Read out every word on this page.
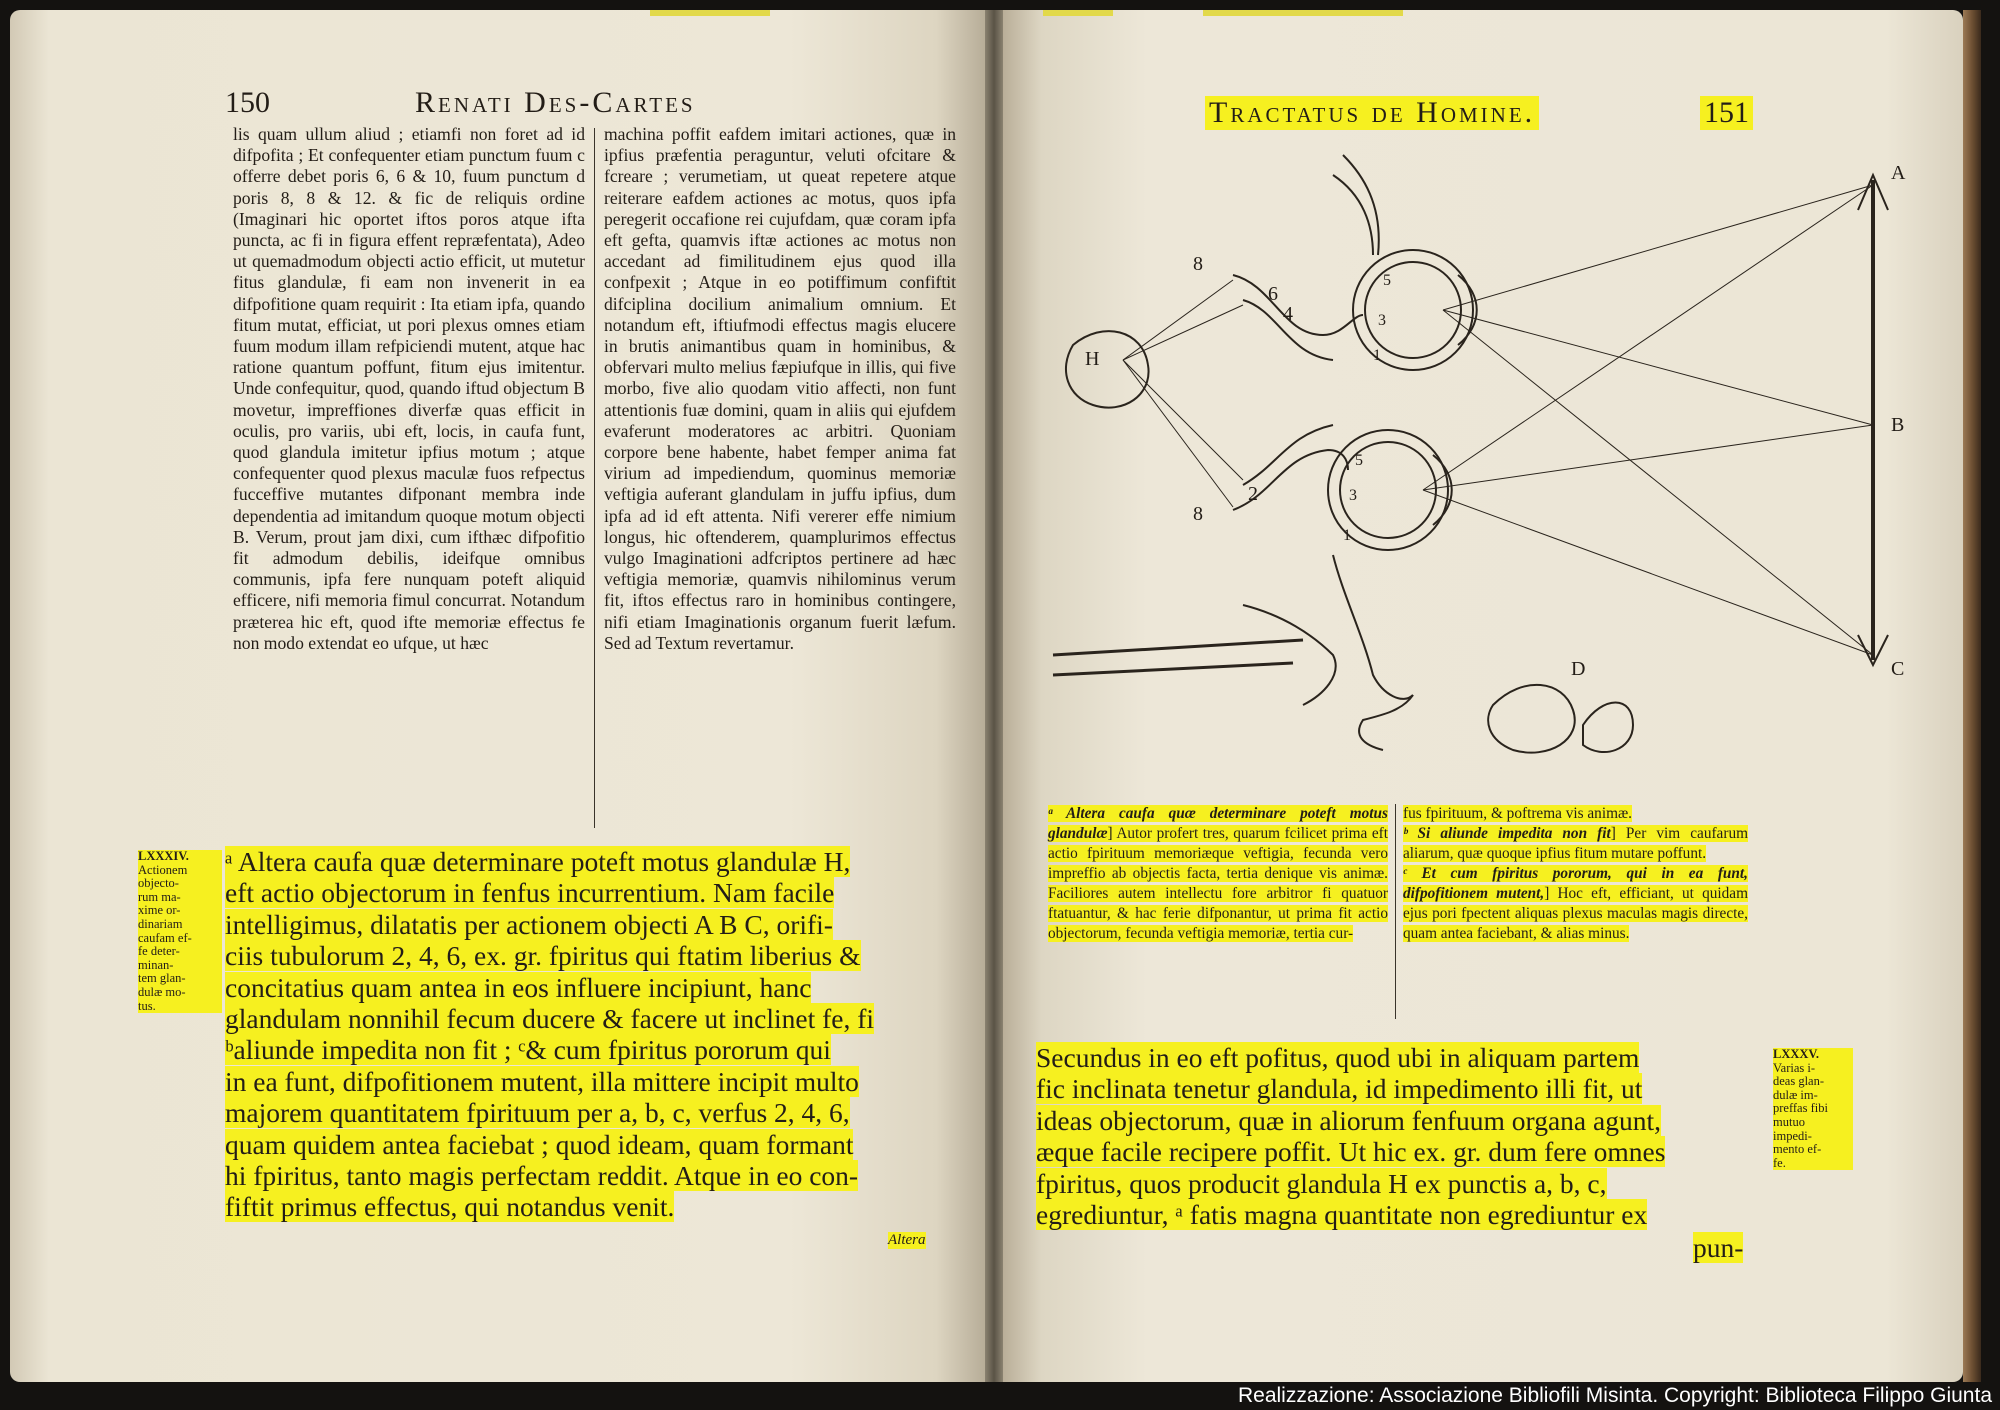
150	Renati Des-Cartes
lis quam ullum aliud ; etiamfi non foret ad id difpofita ; Et confequenter etiam punctum fuum c offerre debet poris 6, 6 & 10, fuum punctum d poris 8, 8 & 12. & fic de reliquis ordine (Imaginari hic oportet iftos poros atque ifta puncta, ac fi in figura effent repræfentata), Adeo ut quemadmodum objecti actio efficit, ut mutetur fitus glandulæ, fi eam non invenerit in ea difpofitione quam requirit : Ita etiam ipfa, quando fitum mutat, efficiat, ut pori plexus omnes etiam fuum modum illam refpiciendi mutent, atque hac ratione quantum poffunt, fitum ejus imitentur. Unde confequitur, quod, quando iftud objectum B movetur, impreffiones diverfæ quas efficit in oculis, pro variis, ubi eft, locis, in caufa funt, quod glandula imitetur ipfius motum ; atque confequenter quod plexus maculæ fuos refpectus fucceffive mutantes difponant membra inde dependentia ad imitandum quoque motum objecti B. Verum, prout jam dixi, cum ifthæc difpofitio fit admodum debilis, ideifque omnibus communis, ipfa fere nunquam poteft aliquid efficere, nifi memoria fimul concurrat. Notandum præterea hic eft, quod ifte memoriæ effectus fe non modo extendat eo ufque, ut hæc
machina poffit eafdem imitari actiones, quæ in ipfius præfentia peraguntur, veluti ofcitare & fcreare ; verumetiam, ut queat repetere atque reiterare eafdem actiones ac motus, quos ipfa peregerit occafione rei cujufdam, quæ coram ipfa eft gefta, quamvis iftæ actiones ac motus non accedant ad fimilitudinem ejus quod illa confpexit ; Atque in eo potiffimum confiftit difciplina docilium animalium omnium. Et notandum eft, iftiufmodi effectus magis elucere in brutis animantibus quam in hominibus, & obfervari multo melius fæpiufque in illis, qui five morbo, five alio quodam vitio affecti, non funt attentionis fuæ domini, quam in aliis qui ejufdem evaferunt moderatores ac arbitri. Quoniam corpore bene habente, habet femper anima fat virium ad impediendum, quominus memoriæ veftigia auferant glandulam in juffu ipfius, dum ipfa ad id eft attenta. Nifi vererer effe nimium longus, hic oftenderem, quamplurimos effectus vulgo Imaginationi adfcriptos pertinere ad hæc veftigia memoriæ, quamvis nihilominus verum fit, iftos effectus raro in hominibus contingere, nifi etiam Imaginationis organum fuerit læfum. Sed ad Textum revertamur.
LXXXIV.
Actionem
objecto-
rum ma-
xime or-
dinariam
caufam ef-
fe deter-
minan-
tem glan-
dulæ mo-
tus.

ᵃ Altera caufa quæ determinare poteft motus glandulæ H,

eft actio objectorum in fenfus incurrentium. Nam facile

intelligimus, dilatatis per actionem objecti A B C, orifi-

ciis tubulorum 2, 4, 6, ex. gr. fpiritus qui ftatim liberius &

concitatius quam antea in eos influere incipiunt, hanc

glandulam nonnihil fecum ducere & facere ut inclinet fe, fi

ᵇaliunde impedita non fit ; ᶜ& cum fpiritus pororum qui

in ea funt, difpofitionem mutent, illa mittere incipit multo

majorem quantitatem fpirituum per a, b, c, verfus 2, 4, 6,

quam quidem antea faciebat ; quod ideam, quam formant

hi fpiritus, tanto magis perfectam reddit. Atque in eo con-

fiftit primus effectus, qui notandus venit.

Altera
Tractatus de Homine.	151
A
B
C
D
H
8
8
6
4
2
5
3
1
5
3
1
ᵃ Altera caufa quæ determinare poteft motus glandulæ] Autor profert tres, quarum fcilicet prima eft actio fpirituum memoriæque veftigia, fecunda vero impreffio ab objectis facta, tertia denique vis animæ. Faciliores autem intellectu fore arbitror fi quatuor ftatuantur, & hac ferie difponantur, ut prima fit actio objectorum, fecunda veftigia memoriæ, tertia cur-
fus fpirituum, & poftrema vis animæ.
ᵇ Si aliunde impedita non fit] Per vim caufarum aliarum, quæ quoque ipfius fitum mutare poffunt.
ᶜ Et cum fpiritus pororum, qui in ea funt, difpofitionem mutent,] Hoc eft, efficiant, ut quidam ejus pori fpectent aliquas plexus maculas magis directe, quam antea faciebant, & alias minus.

Secundus in eo eft pofitus, quod ubi in aliquam partem

fic inclinata tenetur glandula, id impedimento illi fit, ut

ideas objectorum, quæ in aliorum fenfuum organa agunt,

æque facile recipere poffit. Ut hic ex. gr. dum fere omnes

fpiritus, quos producit glandula H ex punctis a, b, c,

egrediuntur, ᵃ fatis magna quantitate non egrediuntur ex

pun-
LXXXV.
Varias i-
deas glan-
dulæ im-
preffas fibi
mutuo
impedi-
mento ef-
fe.
Realizzazione: Associazione Bibliofili Misinta. Copyright: Biblioteca Filippo Giunta
